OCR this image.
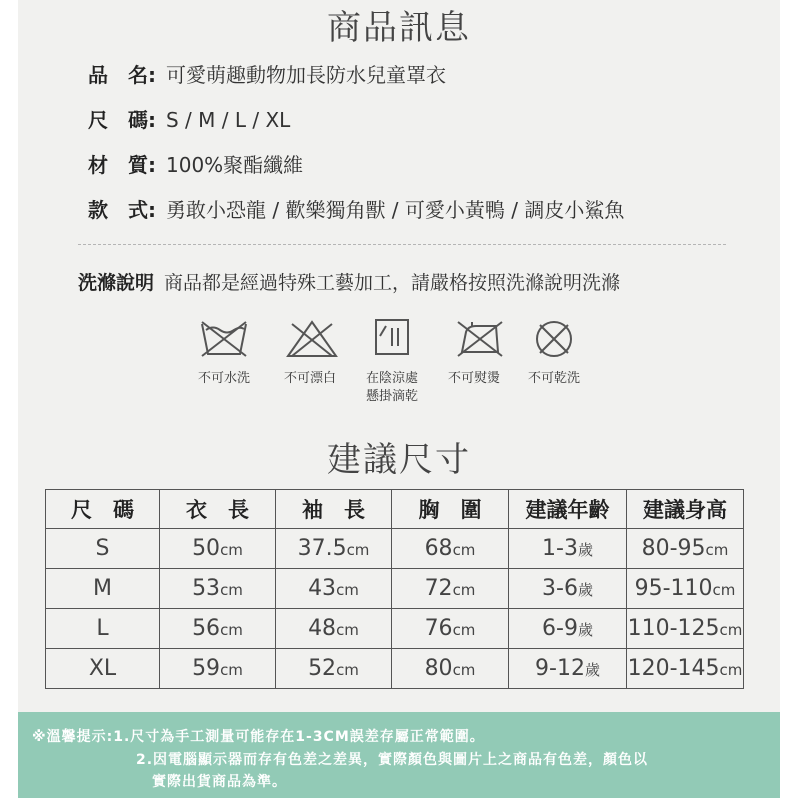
商品訊息
品　名: 可愛萌趣動物加長防水兒童罩衣
尺　碼: S / M / L / XL
材　質: 100%聚酯纖維
款　式: 勇敢小恐龍 / 歡樂獨角獸 / 可愛小黃鴨 / 調皮小鯊魚
洗滌說明 商品都是經過特殊工藝加工，請嚴格按照洗滌說明洗滌
不可水洗	不可漂白	在陰涼處
懸掛滴乾
不可熨燙	不可乾洗
建議尺寸
尺　碼	衣　長	袖　長	胸　圍	建議年齡	建議身高
S	50cm	37.5cm	68cm	1-3歲	80-95cm
M	53cm	43cm	72cm	3-6歲	95-110cm
L	56cm	48cm	76cm	6-9歲	110-125cm
XL	59cm	52cm	80cm	9-12歲	120-145cm
※溫馨提示:1.尺寸為手工測量可能存在1-3CM誤差存屬正常範圍。
2.因電腦顯示器而存有色差之差異，實際顏色與圖片上之商品有色差，顏色以
實際出貨商品為準。
